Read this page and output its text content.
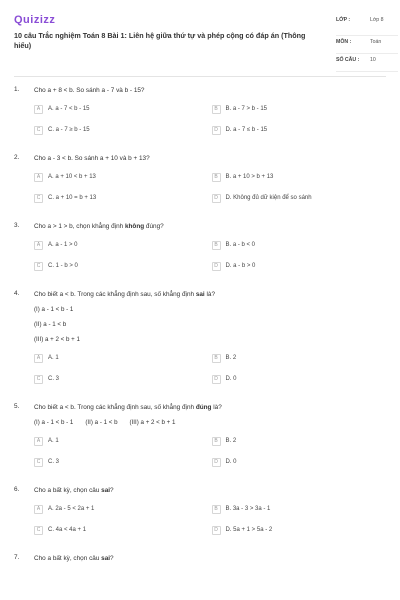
Quizizz
10 câu Trắc nghiệm Toán 8 Bài 1: Liên hệ giữa thứ tự và phép cộng có đáp án (Thông hiểu)
LỚP :	Lớp 8
MÔN :	Toán
SỐ CÂU : 10
1. Cho a + 8 < b. So sánh a - 7 và b - 15?
A	A. a - 7 < b - 15	B	B. a - 7 > b - 15
C	C. a - 7 ≥ b - 15	D	D. a - 7 ≤ b - 15
2. Cho a - 3 < b. So sánh a + 10 và b + 13?
A	A. a + 10 < b + 13	B	B. a + 10 > b + 13
C	C. a + 10 = b + 13	D	D. Không đủ dữ kiện để so sánh
3. Cho a > 1 > b, chọn khẳng định không đúng?
A	A. a - 1 > 0	B	B. a - b < 0
C	C. 1 - b > 0	D	D. a - b > 0
4. Cho biết a < b. Trong các khẳng định sau, số khẳng định sai là?
(I) a - 1 < b - 1
(II) a - 1 < b
(III) a + 2 < b + 1
A	A. 1	B	B. 2
C	C. 3	D	D. 0
5. Cho biết a < b. Trong các khẳng định sau, số khẳng định đúng là?
(I) a - 1 < b - 1 (II) a - 1 < b (III) a + 2 < b + 1
A	A. 1	B	B. 2
C	C. 3	D	D. 0
6. Cho a bất kỳ, chọn câu sai?
A	A. 2a - 5 < 2a + 1	B	B. 3a - 3 > 3a - 1
C	C. 4a < 4a + 1	D	D. 5a + 1 > 5a - 2
7. Cho a bất kỳ, chọn câu sai?
